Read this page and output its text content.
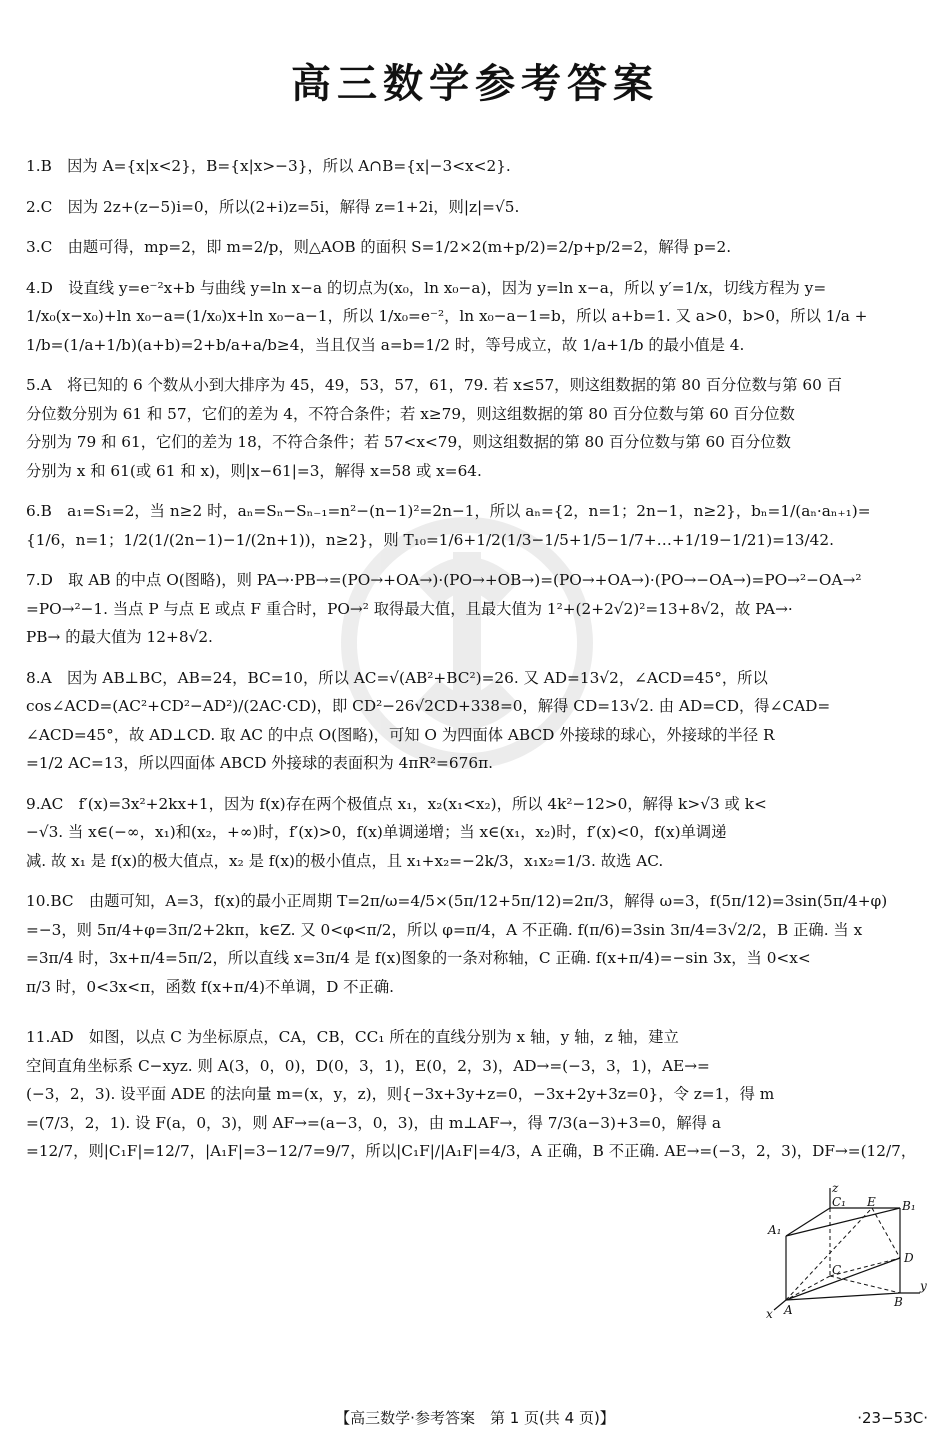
高三数学参考答案
1.B　因为 A={x|x<2}，B={x|x>−3}，所以 A∩B={x|−3<x<2}.
2.C　因为 2z+(z−5)i=0，所以(2+i)z=5i，解得 z=1+2i，则|z|=√5.
3.C　由题可得，mp=2，即 m=2/p，则△AOB 的面积 S=1/2×2(m+p/2)=2/p+p/2=2，解得 p=2.
4.D　设直线 y=e⁻²x+b 与曲线 y=ln x−a 的切点为(x₀，ln x₀−a)，因为 y=ln x−a，所以 y′=1/x，切线方程为 y=
1/x₀(x−x₀)+ln x₀−a=(1/x₀)x+ln x₀−a−1，所以 1/x₀=e⁻²，ln x₀−a−1=b，所以 a+b=1. 又 a>0，b>0，所以 1/a +
1/b=(1/a+1/b)(a+b)=2+b/a+a/b≥4，当且仅当 a=b=1/2 时，等号成立，故 1/a+1/b 的最小值是 4.
5.A　将已知的 6 个数从小到大排序为 45，49，53，57，61，79. 若 x≤57，则这组数据的第 80 百分位数与第 60 百
分位数分别为 61 和 57，它们的差为 4，不符合条件；若 x≥79，则这组数据的第 80 百分位数与第 60 百分位数
分别为 79 和 61，它们的差为 18，不符合条件；若 57<x<79，则这组数据的第 80 百分位数与第 60 百分位数
分别为 x 和 61(或 61 和 x)，则|x−61|=3，解得 x=58 或 x=64.
6.B　a₁=S₁=2，当 n≥2 时，aₙ=Sₙ−Sₙ₋₁=n²−(n−1)²=2n−1，所以 aₙ={2，n=1；2n−1，n≥2}，bₙ=1/(aₙ·aₙ₊₁)=
{1/6，n=1；1/2(1/(2n−1)−1/(2n+1))，n≥2}，则 T₁₀=1/6+1/2(1/3−1/5+1/5−1/7+…+1/19−1/21)=13/42.
7.D　取 AB 的中点 O(图略)，则 PA→·PB→=(PO→+OA→)·(PO→+OB→)=(PO→+OA→)·(PO→−OA→)=PO→²−OA→²
=PO→²−1. 当点 P 与点 E 或点 F 重合时，PO→² 取得最大值，且最大值为 1²+(2+2√2)²=13+8√2，故 PA→·
PB→ 的最大值为 12+8√2.
8.A　因为 AB⊥BC，AB=24，BC=10，所以 AC=√(AB²+BC²)=26. 又 AD=13√2，∠ACD=45°，所以
cos∠ACD=(AC²+CD²−AD²)/(2AC·CD)，即 CD²−26√2CD+338=0，解得 CD=13√2. 由 AD=CD，得∠CAD=
∠ACD=45°，故 AD⊥CD. 取 AC 的中点 O(图略)，可知 O 为四面体 ABCD 外接球的球心，外接球的半径 R
=1/2 AC=13，所以四面体 ABCD 外接球的表面积为 4πR²=676π.
9.AC　f′(x)=3x²+2kx+1，因为 f(x)存在两个极值点 x₁，x₂(x₁<x₂)，所以 4k²−12>0，解得 k>√3 或 k<
−√3. 当 x∈(−∞，x₁)和(x₂，+∞)时，f′(x)>0，f(x)单调递增；当 x∈(x₁，x₂)时，f′(x)<0，f(x)单调递
减. 故 x₁ 是 f(x)的极大值点，x₂ 是 f(x)的极小值点，且 x₁+x₂=−2k/3，x₁x₂=1/3. 故选 AC.
10.BC　由题可知，A=3，f(x)的最小正周期 T=2π/ω=4/5×(5π/12+5π/12)=2π/3，解得 ω=3，f(5π/12)=3sin(5π/4+φ)
=−3，则 5π/4+φ=3π/2+2kπ，k∈Z. 又 0<φ<π/2，所以 φ=π/4，A 不正确. f(π/6)=3sin 3π/4=3√2/2，B 正确. 当 x
=3π/4 时，3x+π/4=5π/2，所以直线 x=3π/4 是 f(x)图象的一条对称轴，C 正确. f(x+π/4)=−sin 3x，当 0<x<
π/3 时，0<3x<π，函数 f(x+π/4)不单调，D 不正确.
11.AD　如图，以点 C 为坐标原点，CA，CB，CC₁ 所在的直线分别为 x 轴，y 轴，z 轴，建立
空间直角坐标系 C−xyz. 则 A(3，0，0)，D(0，3，1)，E(0，2，3)，AD→=(−3，3，1)，AE→=
(−3，2，3). 设平面 ADE 的法向量 m=(x，y，z)，则{−3x+3y+z=0，−3x+2y+3z=0}，令 z=1，得 m
=(7/3，2，1). 设 F(a，0，3)，则 AF→=(a−3，0，3)，由 m⊥AF→，得 7/3(a−3)+3=0，解得 a
=12/7，则|C₁F|=12/7，|A₁F|=3−12/7=9/7，所以|C₁F|/|A₁F|=4/3，A 正确，B 不正确. AE→=(−3，2，3)，DF→=(12/7，
z
C₁ E B₁
A₁
D
C
B
y
A
x
【高三数学·参考答案　第 1 页(共 4 页)】	·23−53C·
